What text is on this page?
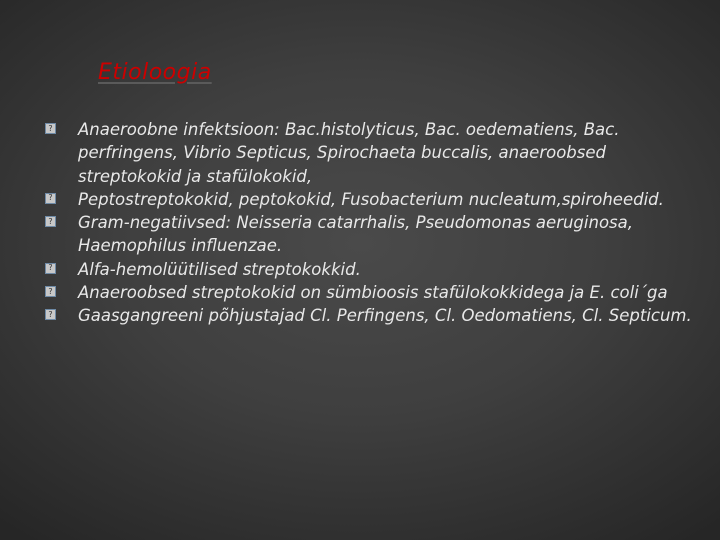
Etioloogia
? Anaeroobne infektsioon: Bac.histolyticus, Bac. oedematiens, Bac. perfringens, Vibrio Septicus, Spirochaeta buccalis, anaeroobsed streptokokid ja stafülokokid,
? Peptostreptokokid, peptokokid, Fusobacterium nucleatum,spiroheedid.
? Gram-negatiivsed: Neisseria catarrhalis, Pseudomonas aeruginosa, Haemophilus influenzae.
? Alfa-hemolüütilised streptokokkid.
? Anaeroobsed streptokokid on sümbioosis stafülokokkidega ja E. coli´ga
? Gaasgangreeni põhjustajad Cl. Perfingens, Cl. Oedomatiens, Cl. Septicum.
